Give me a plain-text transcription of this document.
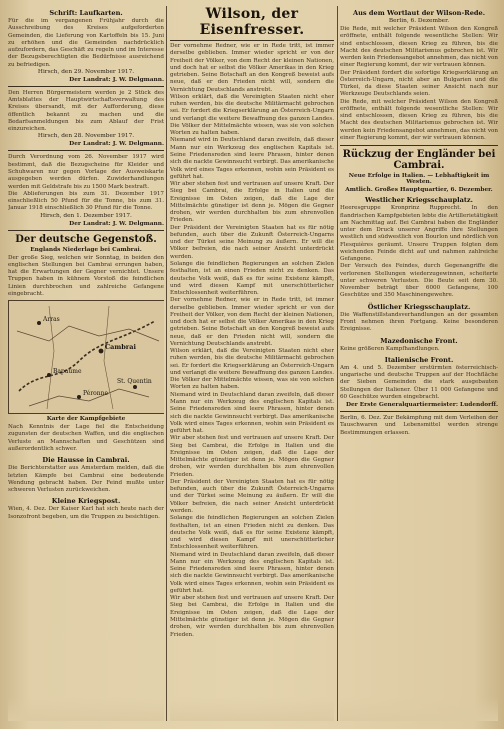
Schrift: Laufkarten.

Für die im vergangenen Frühjahr durch die Ausschreibung des Kreises aufgeforderten Gemeinden, die Lieferung von Kartoffeln bis 15. Juni zu erhöhen und die Gemeinden nachdrücklich aufzufordern, das Geschäft zu regeln und im Interesse der Bezugsberechtigten die Bedürfnisse ausreichend zu befriedigen.

Hirsch, den 29. November 1917.
Der Landrat: J. W. Delgmann.

Den Herren Bürgermeistern werden je 2 Stück des Amtsblattes der Hauptwirtschaftsverwaltung des Kreises übersandt, mit der Aufforderung, diese öffentlich bekannt zu machen und die Bedarfsanmeldungen bis zum Ablauf der Frist einzureichen.

Hirsch, den 28. November 1917.
Der Landrat: J. W. Delgmann.

Durch Verordnung vom 26. November 1917 wird bestimmt, daß die Bezugscheine für Kleider und Schuhwaren nur gegen Vorlage der Ausweiskarte ausgegeben werden dürfen. Zuwiderhandlungen werden mit Geldstrafe bis zu 1500 Mark bestraft.

Die Ablieferungen bis zum 31. Dezember 1917 einschließlich 50 Pfund für die Tonne, bis zum 31. Januar 1918 einschließlich 30 Pfund für die Tonne.

Hirsch, den 1. Dezember 1917.
Der Landrat: J. W. Delgmann.
Der deutsche Gegenstoß.
Englands Niederlage bei Cambrai.

Der große Sieg, welchen wir Sonntag, in beiden den englischen Stellungen bei Cambrai errungen haben, hat die Erwartungen der Gegner vernichtet. Unsere Truppen haben in kühnem Vorstoß die feindlichen Linien durchbrochen und zahlreiche Gefangene eingebracht.

Arras
Cambrai
Bapaume
Péronne
St. Quentin
Karte der Kampfgebiete

Nach Kenntnis der Lage fiel die Entscheidung zugunsten der deutschen Waffen, und die englischen Verluste an Mannschaften und Geschützen sind außerordentlich schwer.

Die Hausse in Cambrai.

Die Berichterstatter aus Amsterdam melden, daß die letzten Kämpfe bei Cambrai eine bedeutende Wendung gebracht haben. Der Feind mußte unter schweren Verlusten zurückweichen.

Kleine Kriegspost.

Wien, 4. Dez. Der Kaiser Karl hat sich heute nach der Isonzofront begeben, um die Truppen zu besichtigen.

Wilson, der Eisenfresser.

Der vornehme Redner, wie er in Rede tritt, ist immer derselbe geblieben. Immer wieder spricht er von der Freiheit der Völker, von dem Recht der kleinen Nationen, und doch hat er selbst die Völker Amerikas in den Krieg getrieben. Seine Botschaft an den Kongreß beweist aufs neue, daß er den Frieden nicht will, sondern die Vernichtung Deutschlands anstrebt.

Wilson erklärt, daß die Vereinigten Staaten nicht eher ruhen werden, bis die deutsche Militärmacht gebrochen sei. Er fordert die Kriegserklärung an Österreich-Ungarn und verlangt die weitere Bewaffnung des ganzen Landes. Die Völker der Mittelmächte wissen, was sie von solchen Worten zu halten haben.

Niemand wird in Deutschland daran zweifeln, daß dieser Mann nur ein Werkzeug des englischen Kapitals ist. Seine Friedensreden sind leere Phrasen, hinter denen sich die nackte Gewinnsucht verbirgt. Das amerikanische Volk wird eines Tages erkennen, wohin sein Präsident es geführt hat.

Wir aber stehen fest und vertrauen auf unsere Kraft. Der Sieg bei Cambrai, die Erfolge in Italien und die Ereignisse im Osten zeigen, daß die Lage der Mittelmächte günstiger ist denn je. Mögen die Gegner drohen, wir werden durchhalten bis zum ehrenvollen Frieden.

Der Präsident der Vereinigten Staaten hat es für nötig befunden, auch über die Zukunft Österreich-Ungarns und der Türkei seine Meinung zu äußern. Er will die Völker befreien, die nach seiner Ansicht unterdrückt werden.

Solange die feindlichen Regierungen an solchen Zielen festhalten, ist an einen Frieden nicht zu denken. Das deutsche Volk weiß, daß es für seine Existenz kämpft, und wird diesen Kampf mit unerschütterlicher Entschlossenheit weiterführen.

Der vornehme Redner, wie er in Rede tritt, ist immer derselbe geblieben. Immer wieder spricht er von der Freiheit der Völker, von dem Recht der kleinen Nationen, und doch hat er selbst die Völker Amerikas in den Krieg getrieben. Seine Botschaft an den Kongreß beweist aufs neue, daß er den Frieden nicht will, sondern die Vernichtung Deutschlands anstrebt.

Wilson erklärt, daß die Vereinigten Staaten nicht eher ruhen werden, bis die deutsche Militärmacht gebrochen sei. Er fordert die Kriegserklärung an Österreich-Ungarn und verlangt die weitere Bewaffnung des ganzen Landes. Die Völker der Mittelmächte wissen, was sie von solchen Worten zu halten haben.

Niemand wird in Deutschland daran zweifeln, daß dieser Mann nur ein Werkzeug des englischen Kapitals ist. Seine Friedensreden sind leere Phrasen, hinter denen sich die nackte Gewinnsucht verbirgt. Das amerikanische Volk wird eines Tages erkennen, wohin sein Präsident es geführt hat.

Wir aber stehen fest und vertrauen auf unsere Kraft. Der Sieg bei Cambrai, die Erfolge in Italien und die Ereignisse im Osten zeigen, daß die Lage der Mittelmächte günstiger ist denn je. Mögen die Gegner drohen, wir werden durchhalten bis zum ehrenvollen Frieden.

Der Präsident der Vereinigten Staaten hat es für nötig befunden, auch über die Zukunft Österreich-Ungarns und der Türkei seine Meinung zu äußern. Er will die Völker befreien, die nach seiner Ansicht unterdrückt werden.

Solange die feindlichen Regierungen an solchen Zielen festhalten, ist an einen Frieden nicht zu denken. Das deutsche Volk weiß, daß es für seine Existenz kämpft, und wird diesen Kampf mit unerschütterlicher Entschlossenheit weiterführen.

Niemand wird in Deutschland daran zweifeln, daß dieser Mann nur ein Werkzeug des englischen Kapitals ist. Seine Friedensreden sind leere Phrasen, hinter denen sich die nackte Gewinnsucht verbirgt. Das amerikanische Volk wird eines Tages erkennen, wohin sein Präsident es geführt hat.

Wir aber stehen fest und vertrauen auf unsere Kraft. Der Sieg bei Cambrai, die Erfolge in Italien und die Ereignisse im Osten zeigen, daß die Lage der Mittelmächte günstiger ist denn je. Mögen die Gegner drohen, wir werden durchhalten bis zum ehrenvollen Frieden.

Aus dem Wortlaut der Wilson-Rede.
Berlin, 6. Dezember.

Die Rede, mit welcher Präsident Wilson den Kongreß eröffnete, enthält folgende wesentliche Stellen: Wir sind entschlossen, diesen Krieg zu führen, bis die Macht des deutschen Militarismus gebrochen ist. Wir werden kein Friedensangebot annehmen, das nicht von einer Regierung kommt, der wir vertrauen können.

Der Präsident fordert die sofortige Kriegserklärung an Österreich-Ungarn, nicht aber an Bulgarien und die Türkei, da diese Staaten seiner Ansicht nach nur Werkzeuge Deutschlands seien.

Die Rede, mit welcher Präsident Wilson den Kongreß eröffnete, enthält folgende wesentliche Stellen: Wir sind entschlossen, diesen Krieg zu führen, bis die Macht des deutschen Militarismus gebrochen ist. Wir werden kein Friedensangebot annehmen, das nicht von einer Regierung kommt, der wir vertrauen können.

Rückzug der Engländer bei Cambrai.
Neue Erfolge in Italien. — Lebhaftigkeit im Westen.
Amtlich. Großes Hauptquartier, 6. Dezember.
Westlicher Kriegsschauplatz.

Heeresgruppe Kronprinz Rupprecht. In den flandrischen Kampfgebieten lebte die Artillerietätigkeit am Nachmittag auf. Bei Cambrai haben die Engländer unter dem Druck unserer Angriffe ihre Stellungen westlich und südwestlich von Bourlon und nördlich von Flesquières geräumt. Unsere Truppen folgten dem weichenden Feinde dicht auf und nahmen zahlreiche Gefangene.

Der Versuch des Feindes, durch Gegenangriffe die verlorenen Stellungen wiederzugewinnen, scheiterte unter schweren Verlusten. Die Beute seit dem 30. November beträgt über 6000 Gefangene, 100 Geschütze und 350 Maschinengewehre.

Östlicher Kriegsschauplatz.

Die Waffenstillstandsverhandlungen an der gesamten Front nehmen ihren Fortgang. Keine besonderen Ereignisse.

Mazedonische Front.

Keine größeren Kampfhandlungen.

Italienische Front.

Am 4. und 5. Dezember erstürmten österreichisch-ungarische und deutsche Truppen auf der Hochfläche der Sieben Gemeinden die stark ausgebauten Stellungen der Italiener. Über 11 000 Gefangene und 60 Geschütze wurden eingebracht.

Der Erste Generalquartiermeister: Ludendorff.

Berlin, 6. Dez. Zur Bekämpfung mit dem Verleihen der Tauschwaren und Lebensmittel werden strenge Bestimmungen erlassen.
